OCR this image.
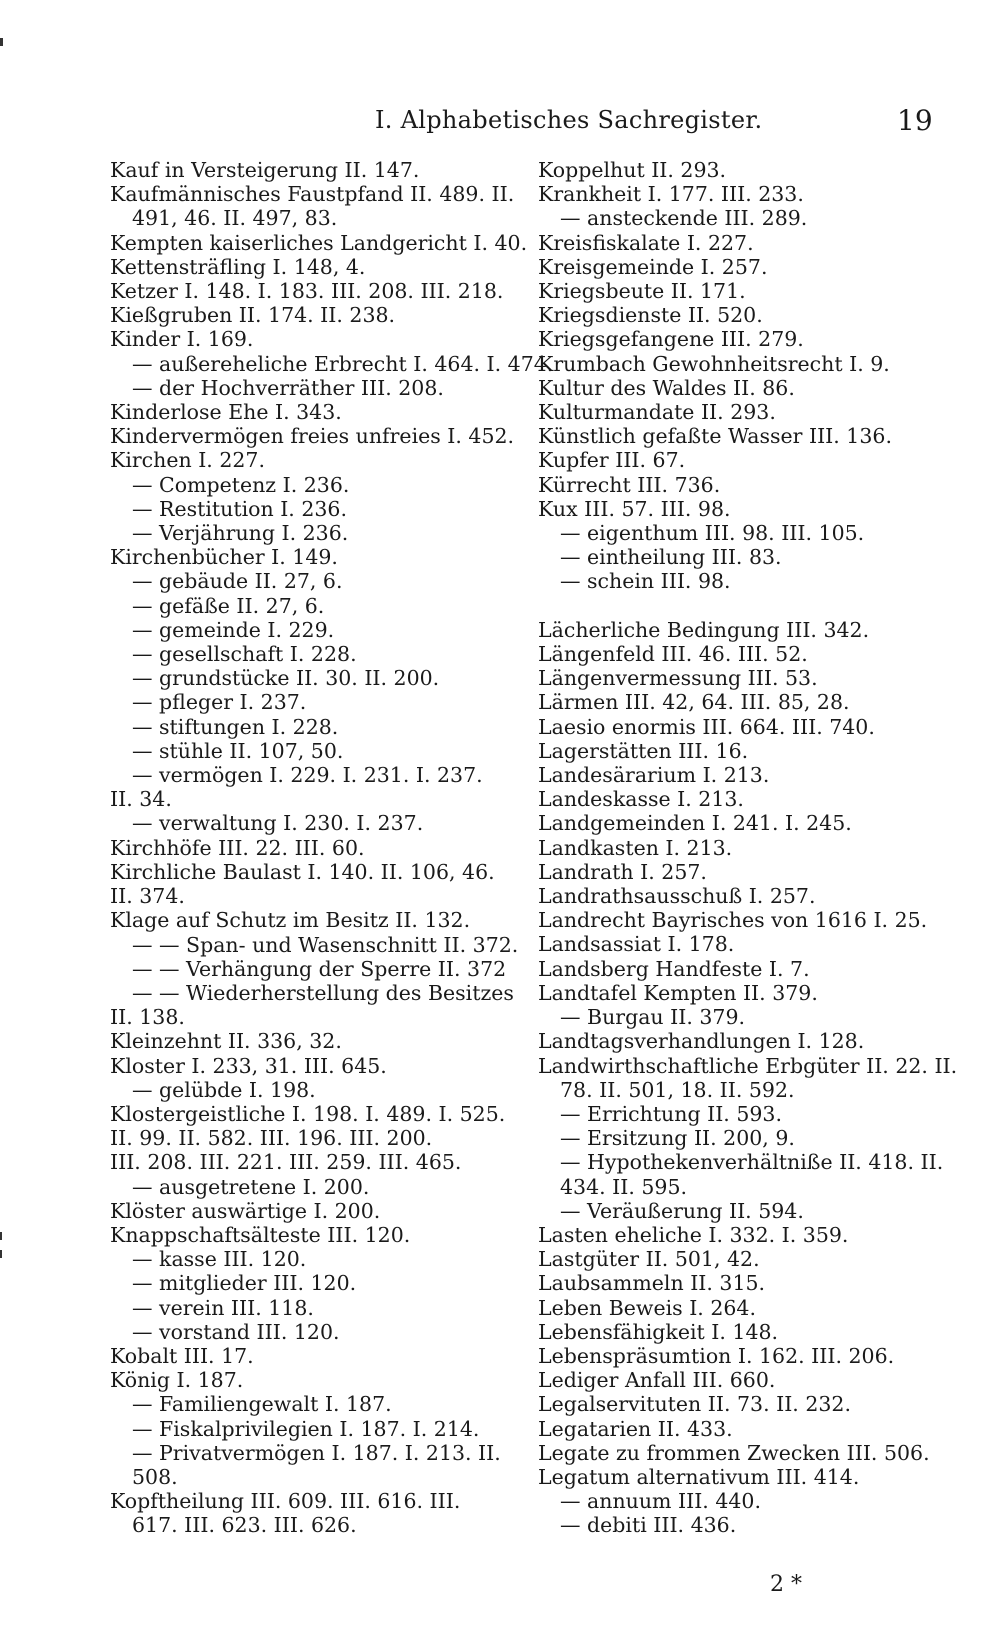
I. Alphabetisches Sachregister.	19
Kauf in Versteigerung II. 147.
Kaufmännisches Faustpfand II. 489. II.
491, 46. II. 497, 83.
Kempten kaiserliches Landgericht I. 40.
Kettensträfling I. 148, 4.
Ketzer I. 148. I. 183. III. 208. III. 218.
Kießgruben II. 174. II. 238.
Kinder I. 169.
— außereheliche Erbrecht I. 464. I. 474.
— der Hochverräther III. 208.
Kinderlose Ehe I. 343.
Kindervermögen freies unfreies I. 452.
Kirchen I. 227.
— Competenz I. 236.
— Restitution I. 236.
— Verjährung I. 236.
Kirchenbücher I. 149.
— gebäude II. 27, 6.
— gefäße II. 27, 6.
— gemeinde I. 229.
— gesellschaft I. 228.
— grundstücke II. 30. II. 200.
— pfleger I. 237.
— stiftungen I. 228.
— stühle II. 107, 50.
— vermögen I. 229. I. 231. I. 237.
II. 34.
— verwaltung I. 230. I. 237.
Kirchhöfe III. 22. III. 60.
Kirchliche Baulast I. 140. II. 106, 46.
II. 374.
Klage auf Schutz im Besitz II. 132.
— — Span- und Wasenschnitt II. 372.
— — Verhängung der Sperre II. 372
— — Wiederherstellung des Besitzes
II. 138.
Kleinzehnt II. 336, 32.
Kloster I. 233, 31. III. 645.
— gelübde I. 198.
Klostergeistliche I. 198. I. 489. I. 525.
II. 99. II. 582. III. 196. III. 200.
III. 208. III. 221. III. 259. III. 465.
— ausgetretene I. 200.
Klöster auswärtige I. 200.
Knappschaftsälteste III. 120.
— kasse III. 120.
— mitglieder III. 120.
— verein III. 118.
— vorstand III. 120.
Kobalt III. 17.
König I. 187.
— Familiengewalt I. 187.
— Fiskalprivilegien I. 187. I. 214.
— Privatvermögen I. 187. I. 213. II.
508.
Kopftheilung III. 609. III. 616. III.
617. III. 623. III. 626.
Koppelhut II. 293.
Krankheit I. 177. III. 233.
— ansteckende III. 289.
Kreisfiskalate I. 227.
Kreisgemeinde I. 257.
Kriegsbeute II. 171.
Kriegsdienste II. 520.
Kriegsgefangene III. 279.
Krumbach Gewohnheitsrecht I. 9.
Kultur des Waldes II. 86.
Kulturmandate II. 293.
Künstlich gefaßte Wasser III. 136.
Kupfer III. 67.
Kürrecht III. 736.
Kux III. 57. III. 98.
— eigenthum III. 98. III. 105.
— eintheilung III. 83.
— schein III. 98.
Lächerliche Bedingung III. 342.
Längenfeld III. 46. III. 52.
Längenvermessung III. 53.
Lärmen III. 42, 64. III. 85, 28.
Laesio enormis III. 664. III. 740.
Lagerstätten III. 16.
Landesärarium I. 213.
Landeskasse I. 213.
Landgemeinden I. 241. I. 245.
Landkasten I. 213.
Landrath I. 257.
Landrathsausschuß I. 257.
Landrecht Bayrisches von 1616 I. 25.
Landsassiat I. 178.
Landsberg Handfeste I. 7.
Landtafel Kempten II. 379.
— Burgau II. 379.
Landtagsverhandlungen I. 128.
Landwirthschaftliche Erbgüter II. 22. II.
78. II. 501, 18. II. 592.
— Errichtung II. 593.
— Ersitzung II. 200, 9.
— Hypothekenverhältniße II. 418. II.
434. II. 595.
— Veräußerung II. 594.
Lasten eheliche I. 332. I. 359.
Lastgüter II. 501, 42.
Laubsammeln II. 315.
Leben Beweis I. 264.
Lebensfähigkeit I. 148.
Lebenspräsumtion I. 162. III. 206.
Lediger Anfall III. 660.
Legalservituten II. 73. II. 232.
Legatarien II. 433.
Legate zu frommen Zwecken III. 506.
Legatum alternativum III. 414.
— annuum III. 440.
— debiti III. 436.
2 *
